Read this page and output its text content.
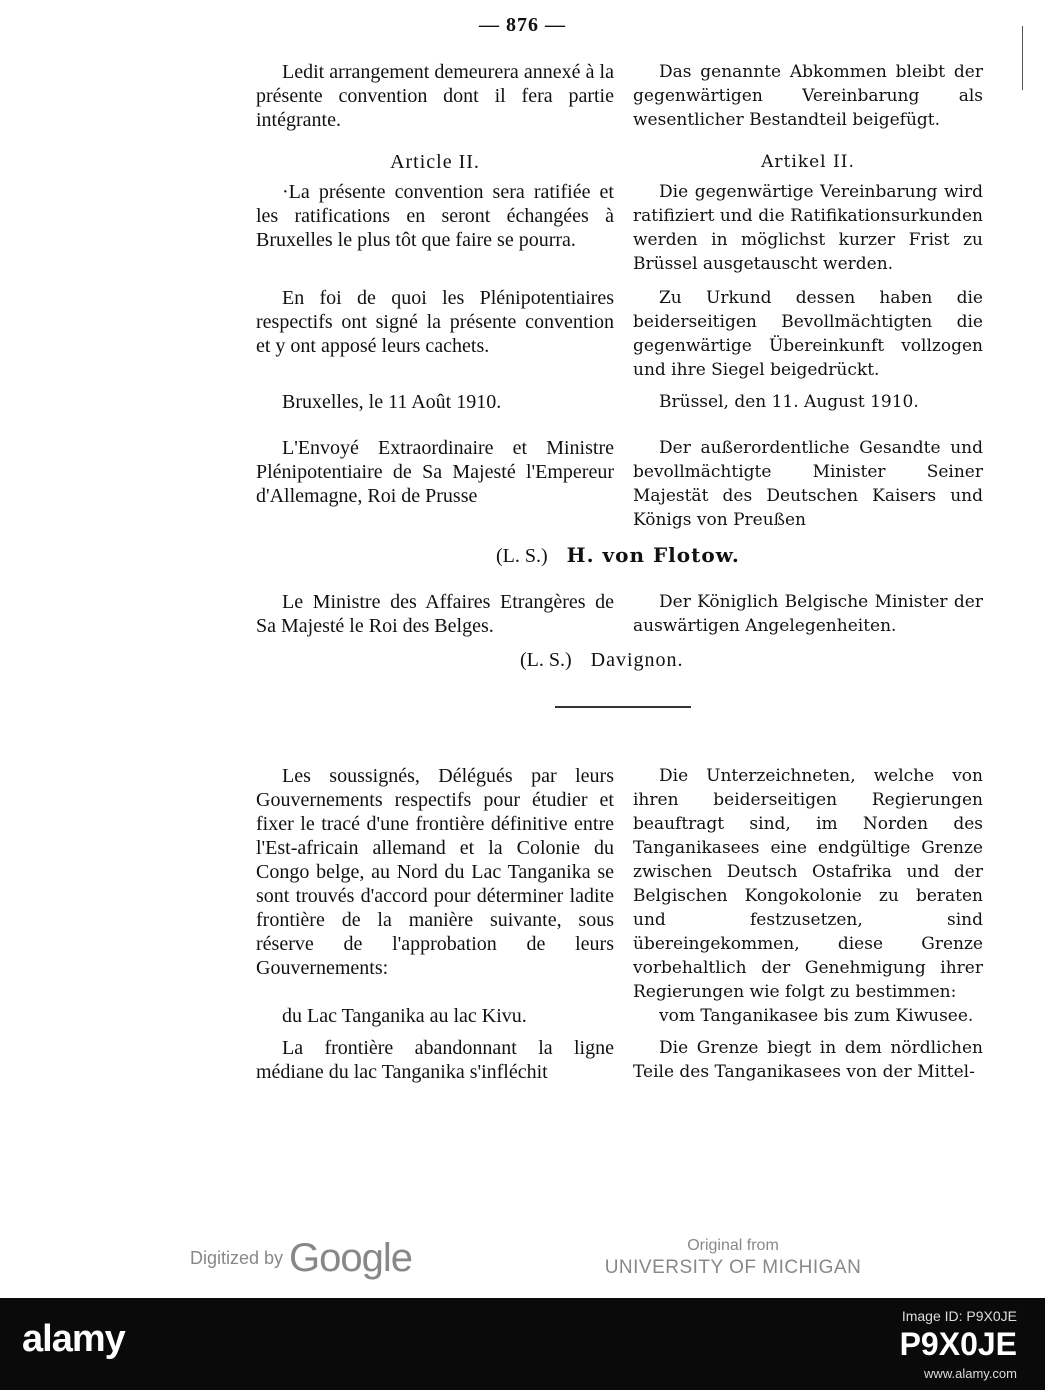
— 876 —

Ledit arrangement demeurera annexé à la présente convention dont il fera partie intégrante.

Das genannte Abkommen bleibt der gegenwärtigen Vereinbarung als wesentlicher Bestandteil beigefügt.

Article II.	Artikel II.

·La présente convention sera ratifiée et les ratifications en seront échangées à Bruxelles le plus tôt que faire se pourra.

Die gegenwärtige Vereinbarung wird ratifiziert und die Ratifikationsurkunden werden in möglichst kurzer Frist zu Brüssel ausgetauscht werden.

En foi de quoi les Plénipotentiaires respectifs ont signé la présente convention et y ont apposé leurs cachets.

Zu Urkund dessen haben die beiderseitigen Bevollmächtigten die gegenwärtige Übereinkunft vollzogen und ihre Siegel beigedrückt.

Bruxelles, le 11 Août 1910.	Brüssel, den 11. August 1910.

L'Envoyé Extraordinaire et Ministre Plénipotentiaire de Sa Majesté l'Empereur d'Allemagne, Roi de Prusse

Der außerordentliche Gesandte und bevollmächtigte Minister Seiner Majestät des Deutschen Kaisers und Königs von Preußen

(L. S.) H. von Flotow.

Le Ministre des Affaires Etrangères de Sa Majesté le Roi des Belges.

Der Königlich Belgische Minister der auswärtigen Angelegenheiten.

(L. S.) Davignon.

Les soussignés, Délégués par leurs Gouvernements respectifs pour étudier et fixer le tracé d'une frontière définitive entre l'Est-africain allemand et la Colonie du Congo belge, au Nord du Lac Tanganika se sont trouvés d'accord pour déterminer ladite frontière de la manière suivante, sous réserve de l'approbation de leurs Gouvernements:

Die Unterzeichneten, welche von ihren beiderseitigen Regierungen beauftragt sind, im Norden des Tanganikasees eine endgültige Grenze zwischen Deutsch Ostafrika und der Belgischen Kongokolonie zu beraten und festzusetzen, sind übereingekommen, diese Grenze vorbehaltlich der Genehmigung ihrer Regierungen wie folgt zu bestimmen:

du Lac Tanganika au lac Kivu.	vom Tanganikasee bis zum Kiwusee.

La frontière abandonnant la ligne médiane du lac Tanganika s'infléchit

Die Grenze biegt in dem nördlichen Teile des Tanganikasees von der Mittel-

Digitized by Google	Original from
UNIVERSITY OF MICHIGAN
alamy
Image ID: P9X0JE
P9X0JE
www.alamy.com
